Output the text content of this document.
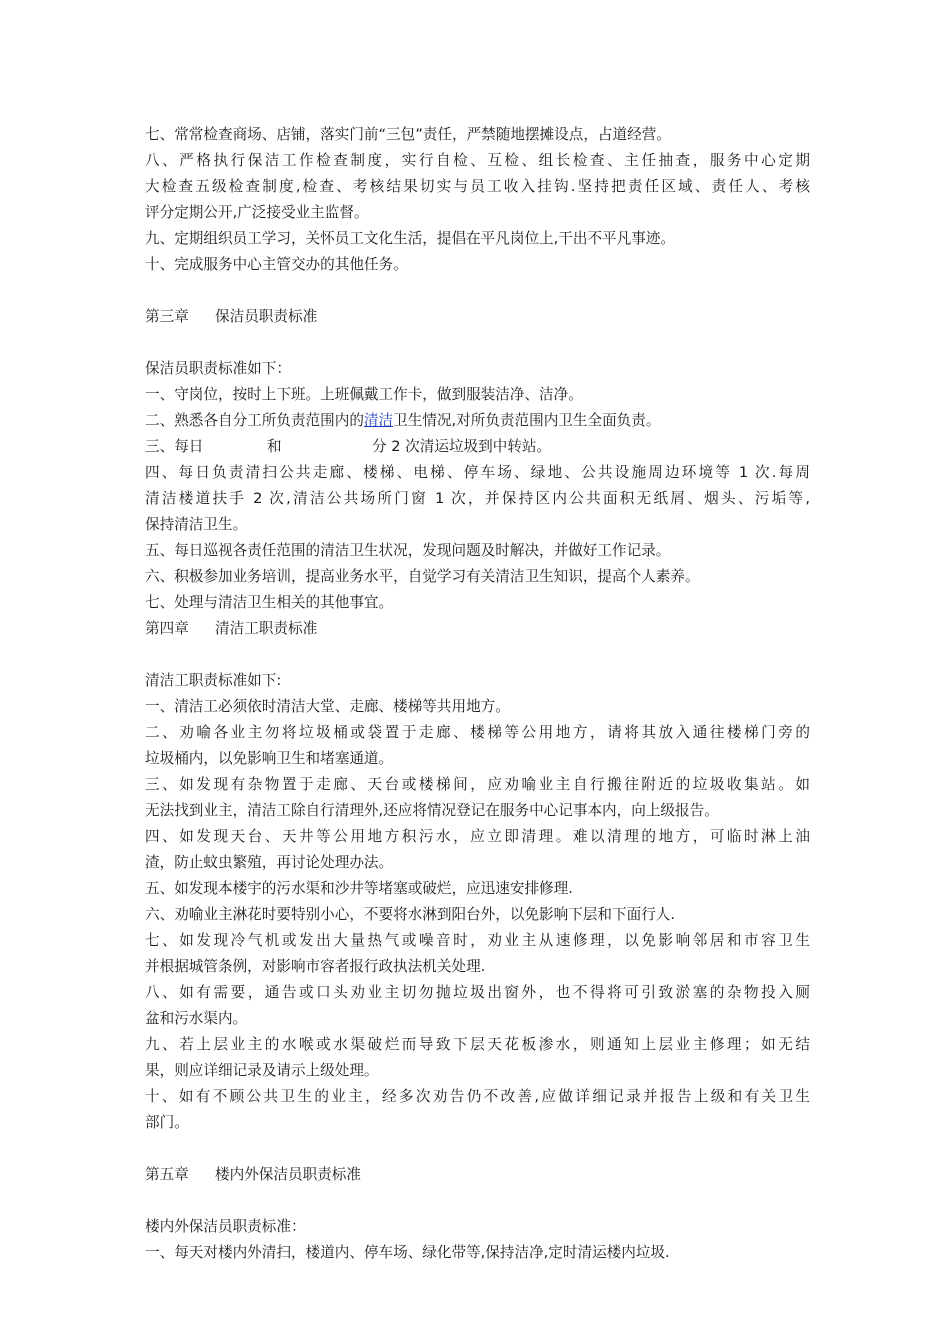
七、常常检查商场、店铺，落实门前“三包”责任，严禁随地摆摊设点，占道经营。
八、严格执行保洁工作检查制度，实行自检、互检、组长检查、主任抽查，服务中心定期
大检查五级检查制度,检查、考核结果切实与员工收入挂钩.坚持把责任区域、责任人、考核
评分定期公开,广泛接受业主监督。
九、定期组织员工学习，关怀员工文化生活，提倡在平凡岗位上,干出不平凡事迹。
十、完成服务中心主管交办的其他任务。
第三章 保洁员职责标准
保洁员职责标准如下：
一、守岗位，按时上下班。上班佩戴工作卡，做到服装洁净、洁净。
二、熟悉各自分工所负责范围内的清洁卫生情况,对所负责范围内卫生全面负责。
三、每日	和	分 2 次清运垃圾到中转站。
四、每日负责清扫公共走廊、楼梯、电梯、停车场、绿地、公共设施周边环境等 1 次.每周
清洁楼道扶手 2 次,清洁公共场所门窗 1 次，并保持区内公共面积无纸屑、烟头、污垢等,
保持清洁卫生。
五、每日巡视各责任范围的清洁卫生状况，发现问题及时解决，并做好工作记录。
六、积极参加业务培训，提高业务水平，自觉学习有关清洁卫生知识，提高个人素养。
七、处理与清洁卫生相关的其他事宜。
第四章 清洁工职责标准
清洁工职责标准如下:
一、清洁工必须依时清洁大堂、走廊、楼梯等共用地方。
二、劝喻各业主勿将垃圾桶或袋置于走廊、楼梯等公用地方，请将其放入通往楼梯门旁的
垃圾桶内，以免影响卫生和堵塞通道。
三、如发现有杂物置于走廊、天台或楼梯间，应劝喻业主自行搬往附近的垃圾收集站。如
无法找到业主，清洁工除自行清理外,还应将情况登记在服务中心记事本内，向上级报告。
四、如发现天台、天井等公用地方积污水，应立即清理。难以清理的地方，可临时淋上油
渣，防止蚊虫繁殖，再讨论处理办法。
五、如发现本楼宇的污水渠和沙井等堵塞或破烂，应迅速安排修理.
六、劝喻业主淋花时要特别小心，不要将水淋到阳台外，以免影响下层和下面行人.
七、如发现冷气机或发出大量热气或噪音时，劝业主从速修理，以免影响邻居和市容卫生
并根据城管条例，对影响市容者报行政执法机关处理.
八、如有需要，通告或口头劝业主切勿抛垃圾出窗外，也不得将可引致淤塞的杂物投入厕
盆和污水渠内。
九、若上层业主的水喉或水渠破烂而导致下层天花板渗水，则通知上层业主修理；如无结
果，则应详细记录及请示上级处理。
十、如有不顾公共卫生的业主，经多次劝告仍不改善,应做详细记录并报告上级和有关卫生
部门。
第五章 楼内外保洁员职责标准
楼内外保洁员职责标准：
一、每天对楼内外清扫，楼道内、停车场、绿化带等,保持洁净,定时清运楼内垃圾.
